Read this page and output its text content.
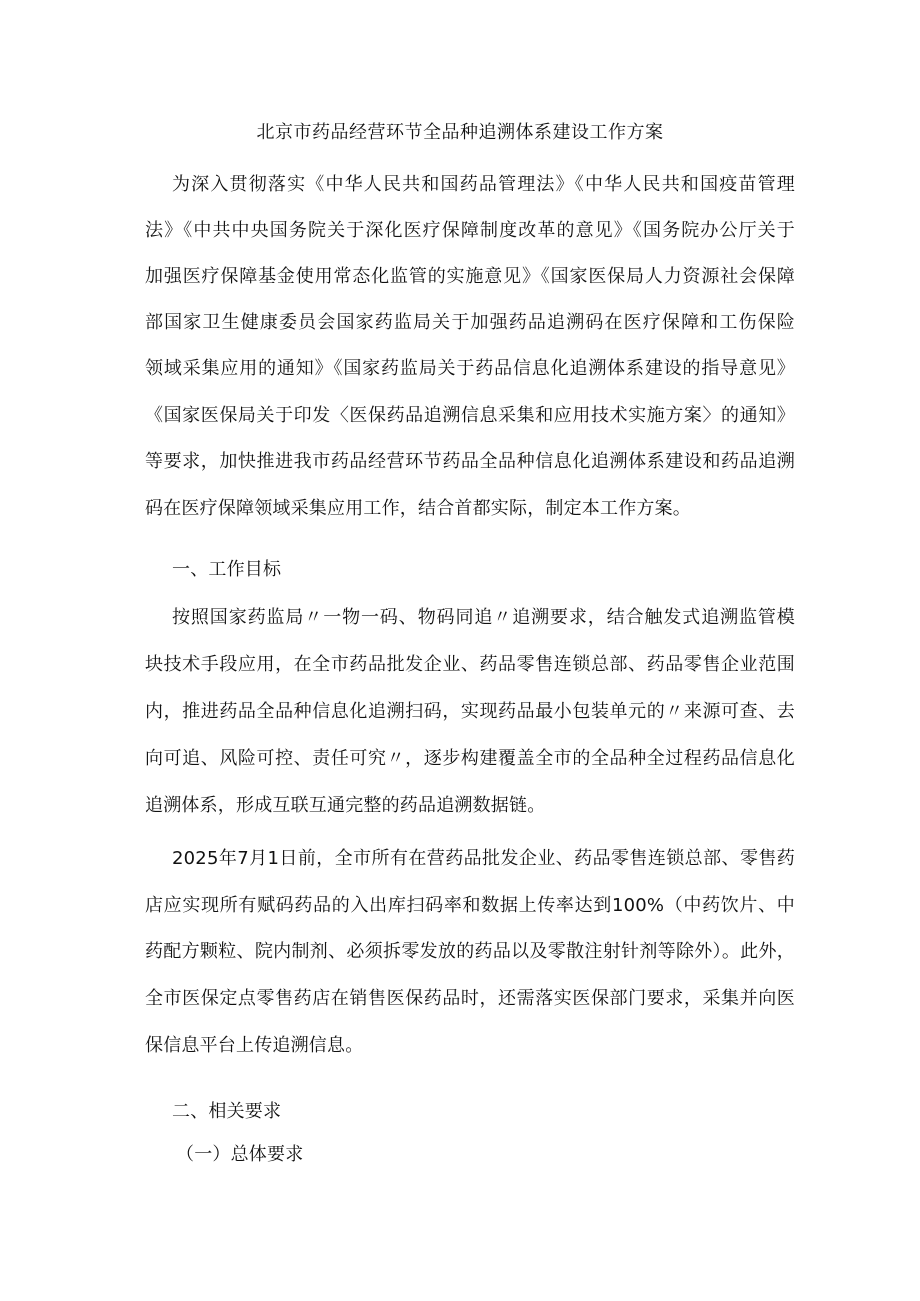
北京市药品经营环节全品种追溯体系建设工作方案

为深入贯彻落实《中华人民共和国药品管理法》《中华人民共和国疫苗管理

法》《中共中央国务院关于深化医疗保障制度改革的意见》《国务院办公厅关于

加强医疗保障基金使用常态化监管的实施意见》《国家医保局人力资源社会保障

部国家卫生健康委员会国家药监局关于加强药品追溯码在医疗保障和工伤保险

领域采集应用的通知》《国家药监局关于药品信息化追溯体系建设的指导意见》

《国家医保局关于印发〈医保药品追溯信息采集和应用技术实施方案〉的通知》

等要求，加快推进我市药品经营环节药品全品种信息化追溯体系建设和药品追溯

码在医疗保障领域采集应用工作，结合首都实际，制定本工作方案。

一、工作目标

按照国家药监局〃一物一码、物码同追〃追溯要求，结合触发式追溯监管模

块技术手段应用，在全市药品批发企业、药品零售连锁总部、药品零售企业范围

内，推进药品全品种信息化追溯扫码，实现药品最小包装单元的〃来源可查、去

向可追、风险可控、责任可究〃，逐步构建覆盖全市的全品种全过程药品信息化

追溯体系，形成互联互通完整的药品追溯数据链。

2025年7月1日前，全市所有在营药品批发企业、药品零售连锁总部、零售药

店应实现所有赋码药品的入出库扫码率和数据上传率达到100%（中药饮片、中

药配方颗粒、院内制剂、必须拆零发放的药品以及零散注射针剂等除外）。此外，

全市医保定点零售药店在销售医保药品时，还需落实医保部门要求，采集并向医

保信息平台上传追溯信息。

二、相关要求

（一）总体要求
